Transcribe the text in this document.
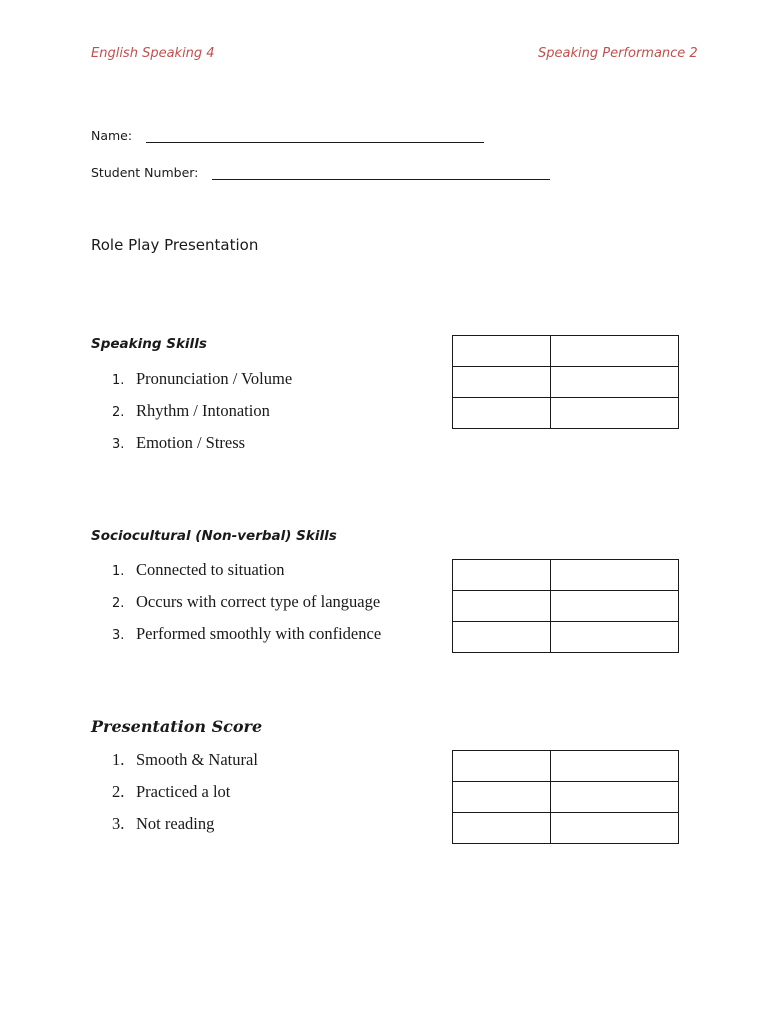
English Speaking 4	Speaking Performance 2
Name:
Student Number:
Role Play Presentation
Speaking Skills
1. Pronunciation / Volume
2. Rhythm / Intonation
3. Emotion / Stress

Sociocultural (Non-verbal) Skills
1. Connected to situation
2. Occurs with correct type of language
3. Performed smoothly with confidence

Presentation Score
1. Smooth & Natural
2. Practiced a lot
3. Not reading
